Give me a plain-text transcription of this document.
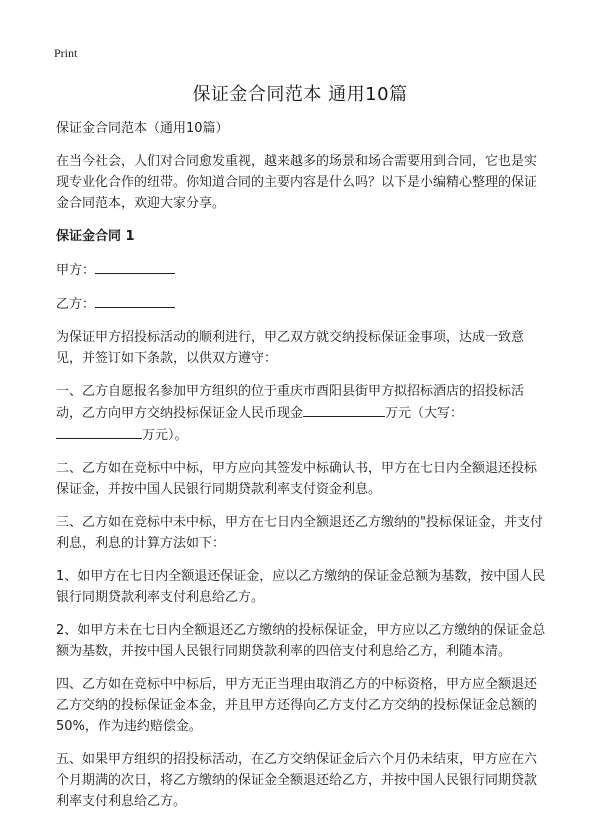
Print
保证金合同范本 通用10篇

保证金合同范本（通用10篇）

在当今社会，人们对合同愈发重视，越来越多的场景和场合需要用到合同，它也是实现专业化合作的纽带。你知道合同的主要内容是什么吗？以下是小编精心整理的保证金合同范本，欢迎大家分享。

保证金合同 1

甲方：

乙方：

为保证甲方招投标活动的顺利进行，甲乙双方就交纳投标保证金事项，达成一致意见，并签订如下条款，以供双方遵守：

一、乙方自愿报名参加甲方组织的位于重庆市酉阳县街甲方拟招标酒店的招投标活动，乙方向甲方交纳投标保证金人民币现金	万元（大写：
万元）。

二、乙方如在竞标中中标，甲方应向其签发中标确认书，甲方在七日内全额退还投标保证金，并按中国人民银行同期贷款利率支付资金利息。

三、乙方如在竞标中未中标，甲方在七日内全额退还乙方缴纳的"投标保证金，并支付利息，利息的计算方法如下：

1、如甲方在七日内全额退还保证金，应以乙方缴纳的保证金总额为基数，按中国人民银行同期贷款利率支付利息给乙方。

2、如甲方未在七日内全额退还乙方缴纳的投标保证金，甲方应以乙方缴纳的保证金总额为基数，并按中国人民银行同期贷款利率的四倍支付利息给乙方，利随本清。

四、乙方如在竞标中中标后，甲方无正当理由取消乙方的中标资格，甲方应全额退还乙方交纳的投标保证金本金，并且甲方还得向乙方支付乙方交纳的投标保证金总额的50%，作为违约赔偿金。

五、如果甲方组织的招投标活动，在乙方交纳保证金后六个月仍未结束，甲方应在六个月期满的次日，将乙方缴纳的保证金全额退还给乙方，并按中国人民银行同期贷款利率支付利息给乙方。
